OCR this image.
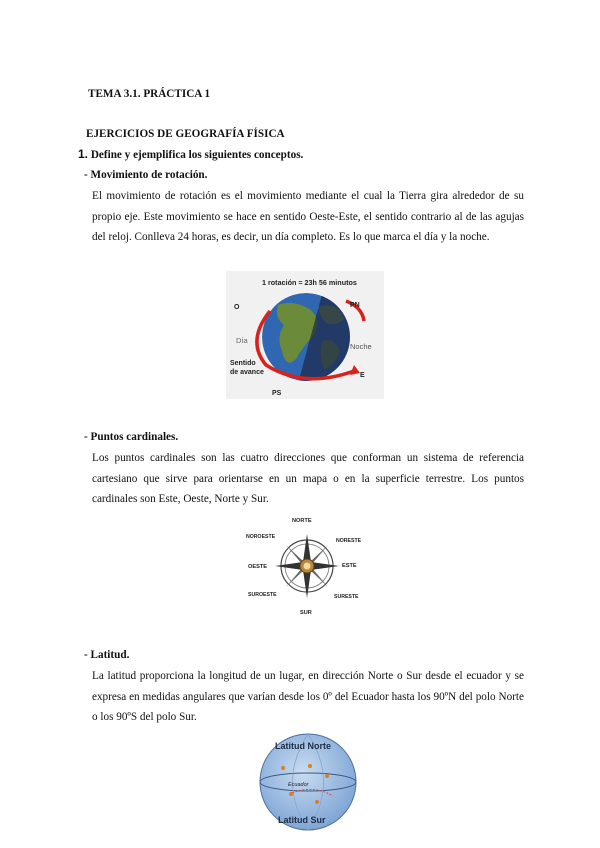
TEMA 3.1. PRÁCTICA 1
EJERCICIOS DE GEOGRAFÍA FÍSICA
1. Define y ejemplifica los siguientes conceptos.
- Movimiento de rotación.
El movimiento de rotación es el movimiento mediante el cual la Tierra gira alrededor de su propio eje. Este movimiento se hace en sentido Oeste-Este, el sentido contrario al de las agujas del reloj. Conlleva 24 horas, es decir, un día completo. Es lo que marca el día y la noche.
1 rotación = 23h 56 minutos
O	PN
Día
Noche
Sentido
de avance	E
PS
- Puntos cardinales.
Los puntos cardinales son las cuatro direcciones que conforman un sistema de referencia cartesiano que sirve para orientarse en un mapa o en la superficie terrestre. Los puntos cardinales son Este, Oeste, Norte y Sur.
NORTE
NOROESTE
NORESTE
OESTE	ESTE
SUROESTE	SURESTE
SUR
- Latitud.
La latitud proporciona la longitud de un lugar, en dirección Norte o Sur desde el ecuador y se expresa en medidas angulares que varían desde los 0º del Ecuador hasta los 90ºN del polo Norte o los 90ºS del polo Sur.
Latitud Norte
Ecuador
Latitud Sur
